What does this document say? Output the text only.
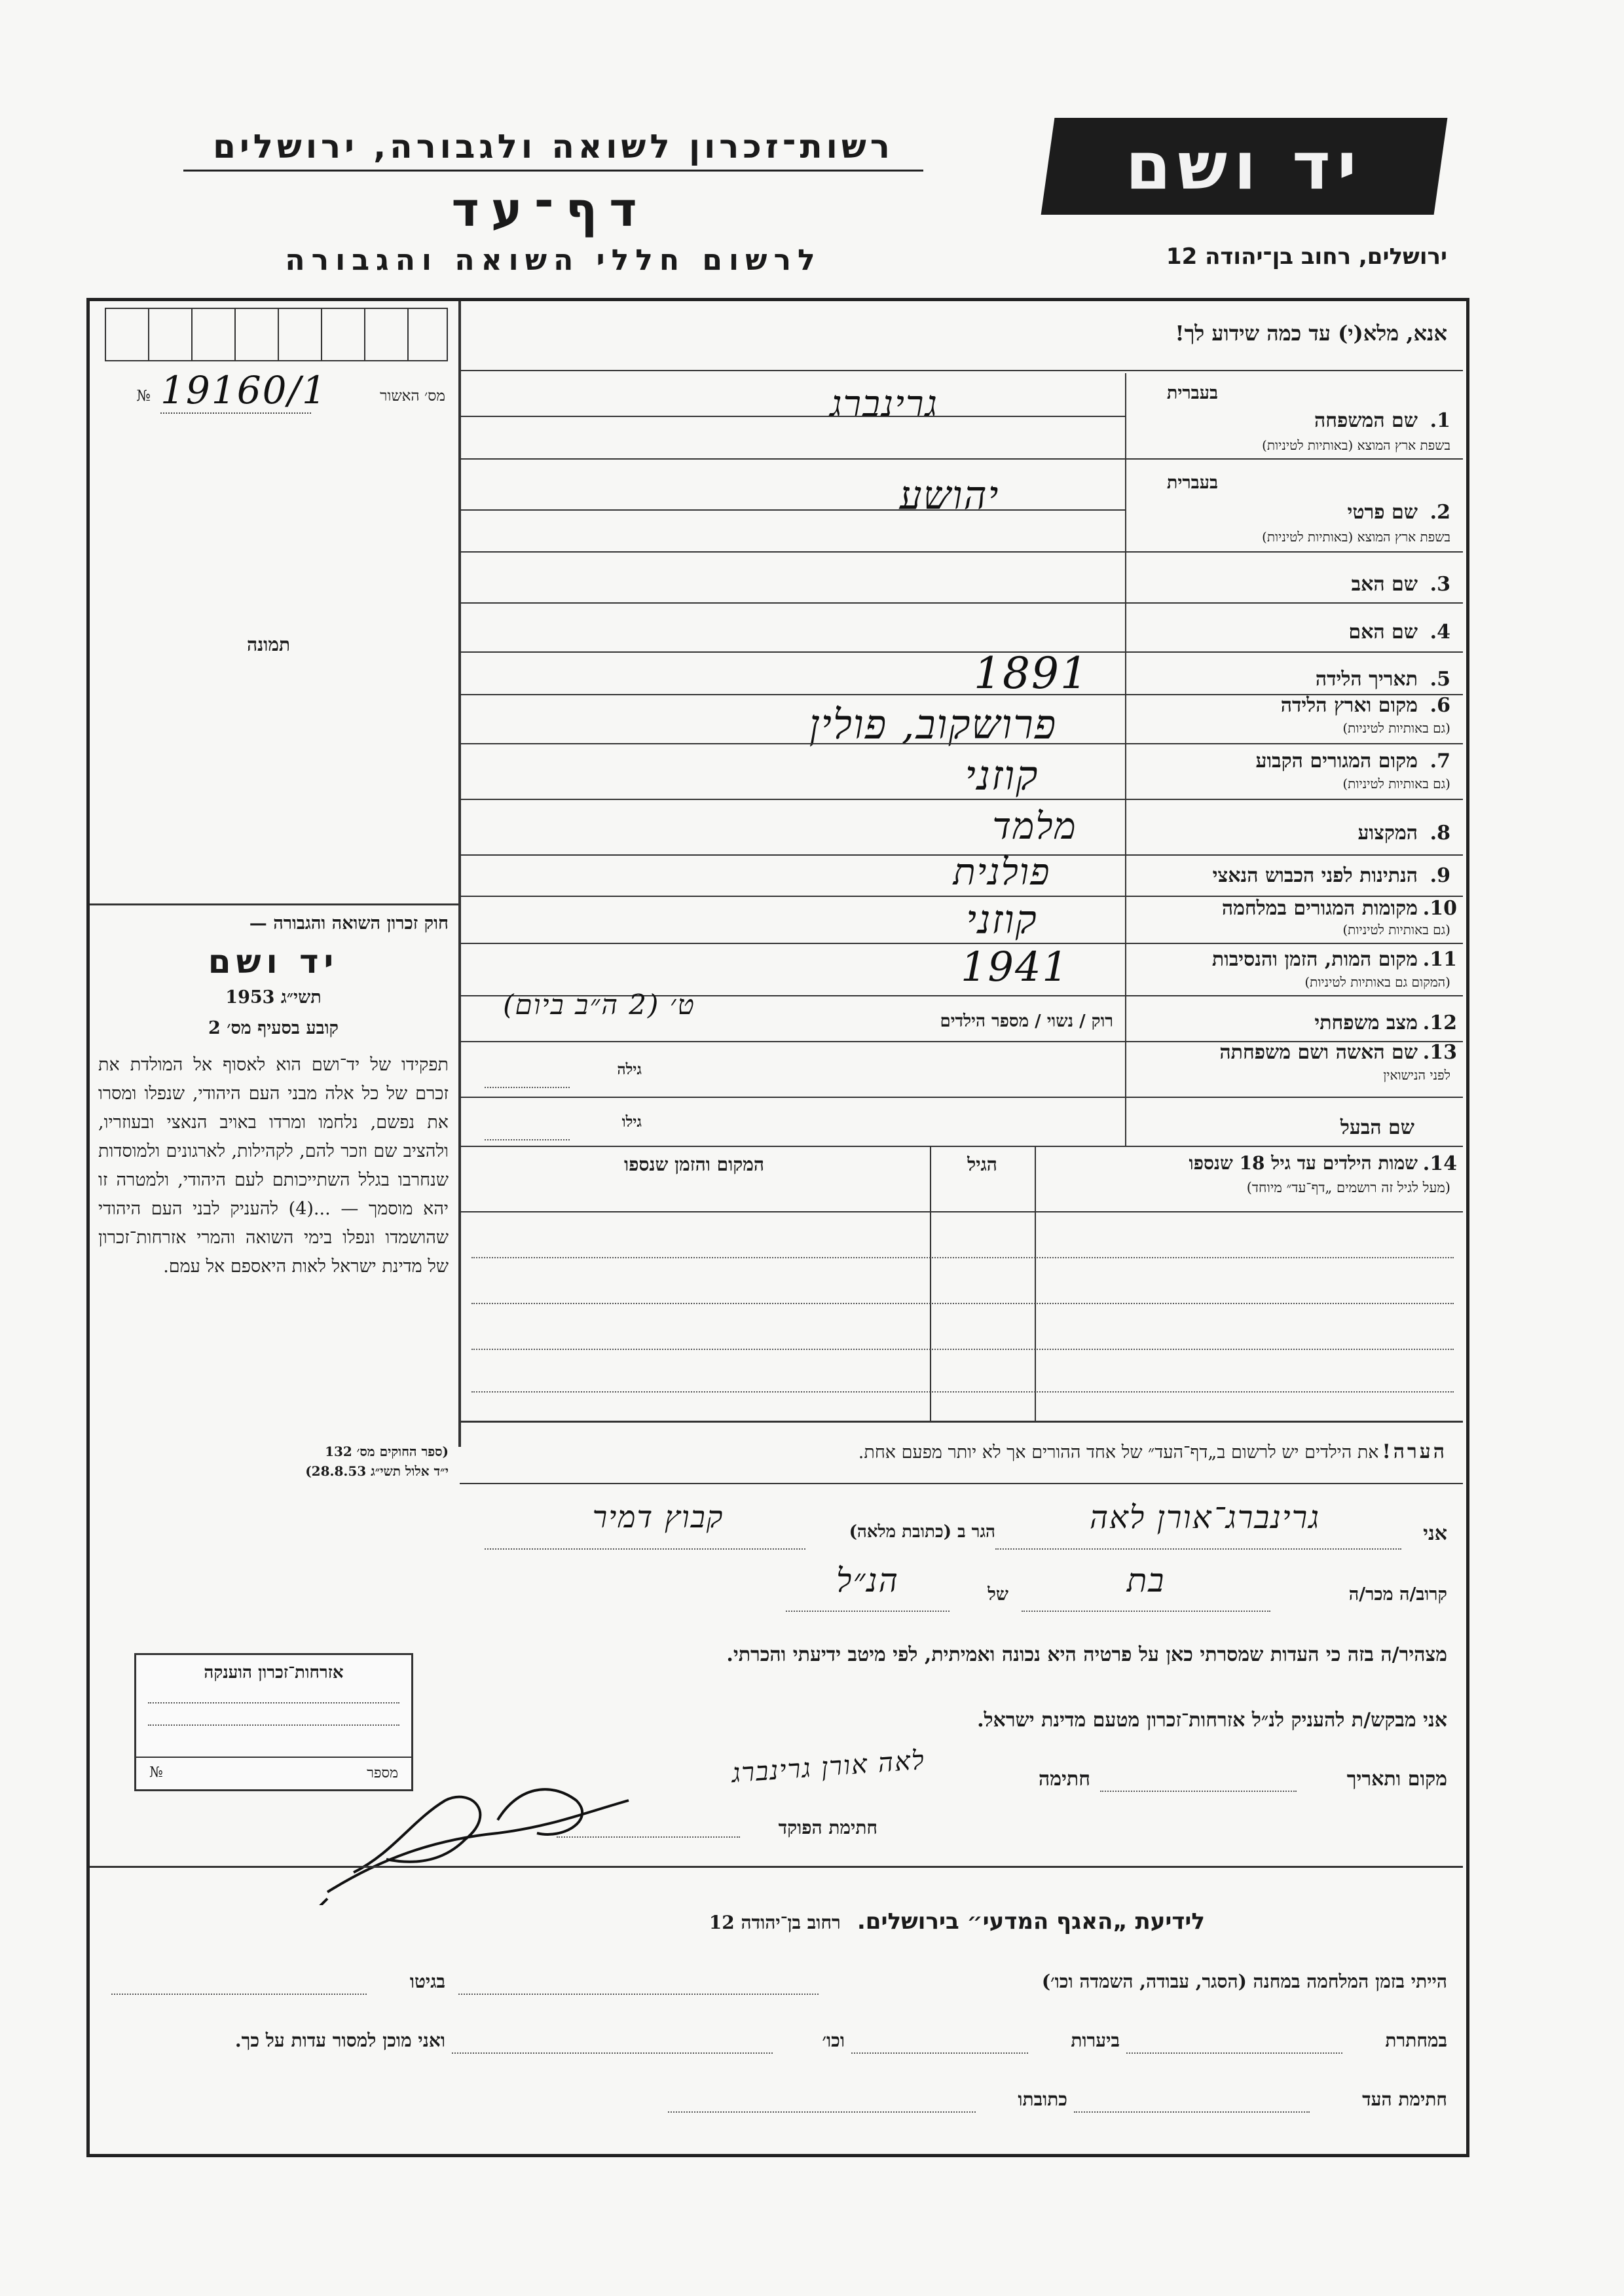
רשות־זכרון לשואה ולגבורה, ירושלים
דף־עד
לרשום חללי השואה והגבורה
יד ושם
ירושלים, רחוב בן־יהודה 12
אנא, מלא(י) עד כמה שידוע לך!
מס׳ האשור
19160/1
№
תמונה
בעברית
1.
שם המשפחה
בשפת ארץ המוצא (באותיות לטיניות)
גרינברג
בעברית
2.
שם פרטי
בשפת ארץ המוצא (באותיות לטיניות)
יהושע
3.
שם האב
4.
שם האם
5.
תאריך הלידה
1891
6.
מקום וארץ הלידה
(גם באותיות לטיניות)
פרושקוב, פולין
7.
מקום המגורים הקבוע
(גם באותיות לטיניות)
קוזני
8.
המקצוע
מלמד
9.
הנתינות לפני הכבוש הנאצי
פולנית
10.
מקומות המגורים במלחמה
(גם באותיות לטיניות)
קוזני
11.
מקום המות, הזמן והנסיבות
(המקום גם באותיות לטיניות)
1941
12.
מצב משפחתי
רוק / נשוי / מספר הילדים
ט׳ (2 ה״ב ביום)
13.
שם האשה ושם משפחתה
לפני הנישואין
גילה
שם הבעל
גילו
14.
שמות הילדים עד גיל 18 שנספו
(מעל לגיל זה רושמים „דף־עד״ מיוחד)
הגיל
המקום והזמן שנספו
הערה! את הילדים יש לרשום ב„דף־העד״ של אחד ההורים אך לא יותר מפעם אחת.
חוק זכרון השואה והגבורה —
יד ושם
תשי״ג 1953
קובע בסעיף מס׳ 2
תפקידו של יד־ושם הוא לאסוף אל המולדת את זכרם של כל אלה מבני העם היהודי, שנפלו ומסרו את נפשם, נלחמו ומרדו באויב הנאצי ובעוזריו, ולהציב שם וזכר להם, לקהילות, לארגונים ולמוסדות שנחרבו בגלל השתייכותם לעם היהודי, ולמטרה זו יהא מוסמך — ...(4) להעניק לבני העם היהודי שהושמדו ונפלו בימי השואה והמרי אזרחות־זכרון של מדינת ישראל לאות היאספם אל עמם.
(ספר החוקים מס׳ 132
י״ד אלול תשי״ג 28.8.53)
אני
גרינברג־אורן לאה
הגר ב (כתובת מלאה)
קבוץ דמיר
קרוב/ה מכר/ה
בת
של
הנ״ל
מצהיר/ה בזה כי העדות שמסרתי כאן על פרטיה היא נכונה ואמיתית, לפי מיטב ידיעתי והכרתי.
אני מבקש/ת להעניק לנ״ל אזרחות־זכרון מטעם מדינת ישראל.
מקום ותאריך
חתימה
לאה אורן גרינברג
חתימת הפוקד
אזרחות־זכרון הוענקה
מספר
№
לידיעת „האגף המדעי״ בירושלים. רחוב בן־יהודה 12
הייתי בזמן המלחמה במחנה (הסגר, עבודה, השמדה וכו׳)
בגיטו
במחתרת
ביערות
וכו׳
ואני מוכן למסור עדות על כך.
חתימת העד
כתובתו
